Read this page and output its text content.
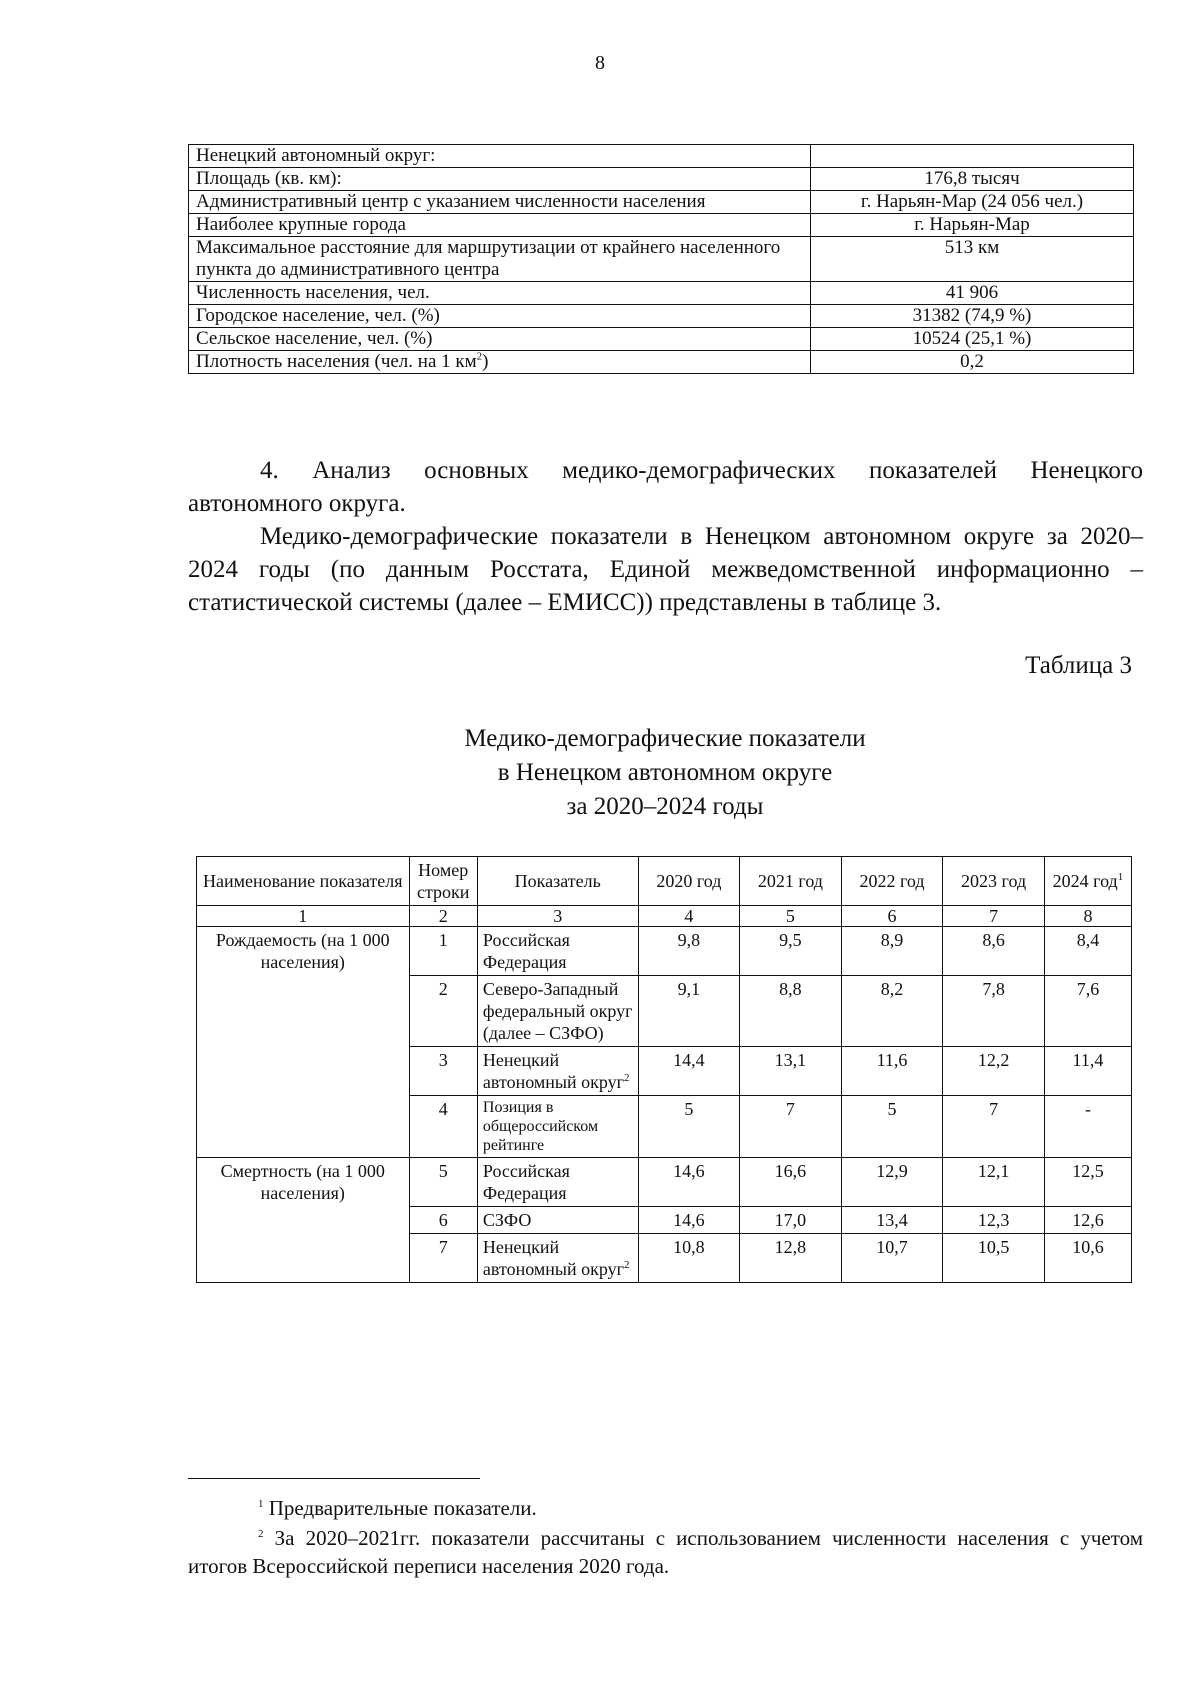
8
Ненецкий автономный округ:	
Площадь (кв. км):	176,8 тысяч
Административный центр с указанием численности населения	г. Нарьян-Мар (24 056 чел.)
Наиболее крупные города	г. Нарьян-Мар
Максимальное расстояние для маршрутизации от крайнего населенного пункта до административного центра	513 км
Численность населения, чел.	41 906
Городское население, чел. (%)	31382 (74,9 %)
Сельское население, чел. (%)	10524 (25,1 %)
Плотность населения (чел. на 1 $км^2$)	0,2

4. Анализ основных медико-демографических показателей Ненецкого автономного округа.

Медико-демографические показатели в Ненецком автономном округе за 2020–2024 годы (по данным Росстата, Единой межведомственной информационно – статистической системы (далее – ЕМИСС)) представлены в таблице 3.

Таблица 3
Медико-демографические показатели
в Ненецком автономном округе
за 2020–2024 годы
Наименование показателя	Номер строки	Показатель	2020 год	2021 год	2022 год	2023 год	2024 год$^1$
1	2	3	4	5	6	7	8
Рождаемость (на 1 000 населения)	1	Российская Федерация	9,8	9,5	8,9	8,6	8,4
	2	Северо-Западный федеральный округ (далее – СЗФО)	9,1	8,8	8,2	7,8	7,6
	3	Ненецкий автономный округ$^2$	14,4	13,1	11,6	12,2	11,4
	4	Позиция в общероссийском рейтинге	5	7	5	7	-
Смертность (на 1 000 населения)	5	Российская Федерация	14,6	16,6	12,9	12,1	12,5
	6	СЗФО	14,6	17,0	13,4	12,3	12,6
	7	Ненецкий автономный округ$^2$	10,8	12,8	10,7	10,5	10,6

$^1$ Предварительные показатели.

$^2$ За 2020–2021гг. показатели рассчитаны с использованием численности населения с учетом итогов Всероссийской переписи населения 2020 года.
